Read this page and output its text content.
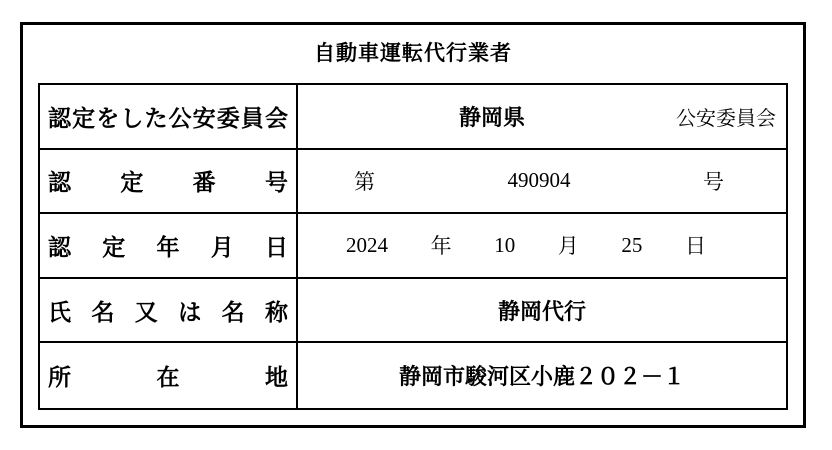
自動車運転代行業者
認定をした公安委員会	静岡県	公安委員会
認定番号	第	490904	号
認定年月日	2024 年 10 月 25 日
氏名又は名称	静岡代行
所在地	静岡市駿河区小鹿２０２－１
